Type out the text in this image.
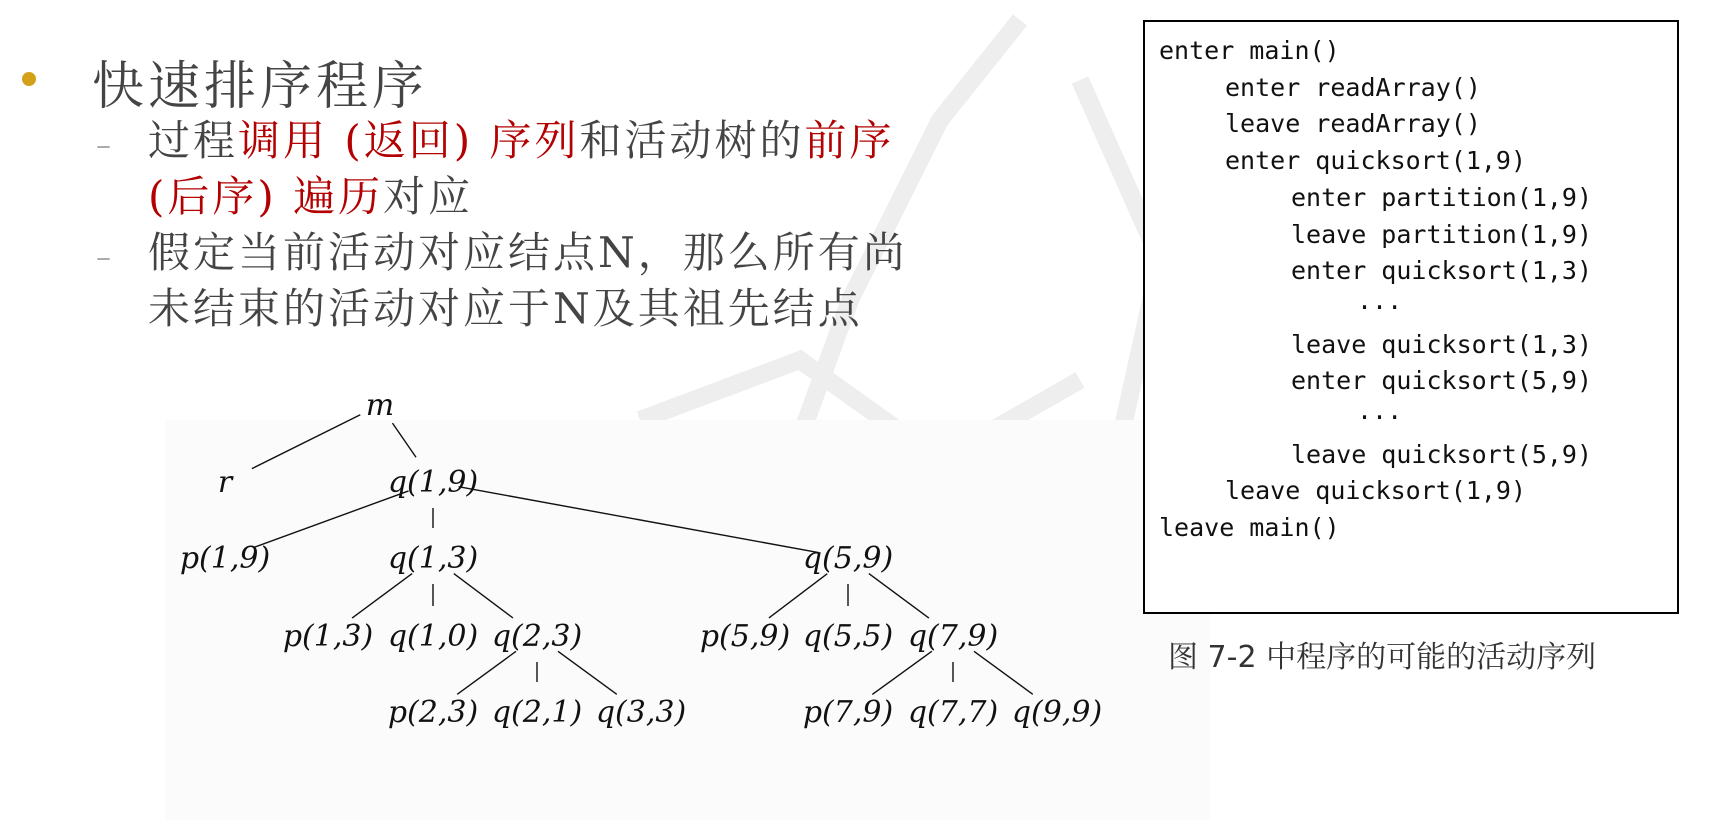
快速排序程序
– 过程调用 (返回) 序列和活动树的前序
(后序) 遍历对应
– 假定当前活动对应结点N，那么所有尚
未结束的活动对应于N及其祖先结点
m
r	q(1,9)
p(1,9)	q(1,3)	q(5,9)
p(1,3) q(1,0) q(2,3)	p(5,9) q(5,5) q(7,9)
p(2,3) q(2,1) q(3,3)	p(7,9) q(7,7) q(9,9)
enter main()
enter readArray()
leave readArray()
enter quicksort(1,9)
enter partition(1,9)
leave partition(1,9)
enter quicksort(1,3)
···
leave quicksort(1,3)
enter quicksort(5,9)
···
leave quicksort(5,9)
leave quicksort(1,9)
leave main()
图 7-2 中程序的可能的活动序列
